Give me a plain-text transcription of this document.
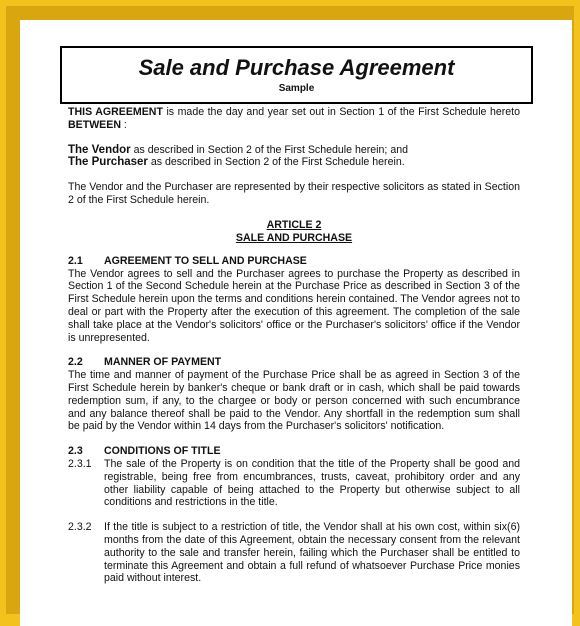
Sale and Purchase Agreement
Sample

THIS AGREEMENT is made the day and year set out in Section 1 of the First Schedule hereto BETWEEN :

The Vendor as described in Section 2 of the First Schedule herein; and

The Purchaser as described in Section 2 of the First Schedule herein.

The Vendor and the Purchaser are represented by their respective solicitors as stated in Section 2 of the First Schedule herein.

ARTICLE 2
SALE AND PURCHASE
2.1	AGREEMENT TO SELL AND PURCHASE

The Vendor agrees to sell and the Purchaser agrees to purchase the Property as described in Section 1 of the Second Schedule herein at the Purchase Price as described in Section 3 of the First Schedule herein upon the terms and conditions herein contained. The Vendor agrees not to deal or part with the Property after the execution of this agreement. The completion of the sale shall take place at the Vendor's solicitors' office or the Purchaser's solicitors' office if the Vendor is unrepresented.

2.2	MANNER OF PAYMENT

The time and manner of payment of the Purchase Price shall be as agreed in Section 3 of the First Schedule herein by banker's cheque or bank draft or in cash, which shall be paid towards redemption sum, if any, to the chargee or body or person concerned with such encumbrance and any balance thereof shall be paid to the Vendor. Any shortfall in the redemption sum shall be paid by the Vendor within 14 days from the Purchaser's solicitors' notification.

2.3	CONDITIONS OF TITLE
2.3.1	The sale of the Property is on condition that the title of the Property shall be good and registrable, being free from encumbrances, trusts, caveat, prohibitory order and any other liability capable of being attached to the Property but otherwise subject to all conditions and restrictions in the title.

2.3.2	If the title is subject to a restriction of title, the Vendor shall at his own cost, within six(6) months from the date of this Agreement, obtain the necessary consent from the relevant authority to the sale and transfer herein, failing which the Purchaser shall be entitled to terminate this Agreement and obtain a full refund of whatsoever Purchase Price monies paid without interest.
